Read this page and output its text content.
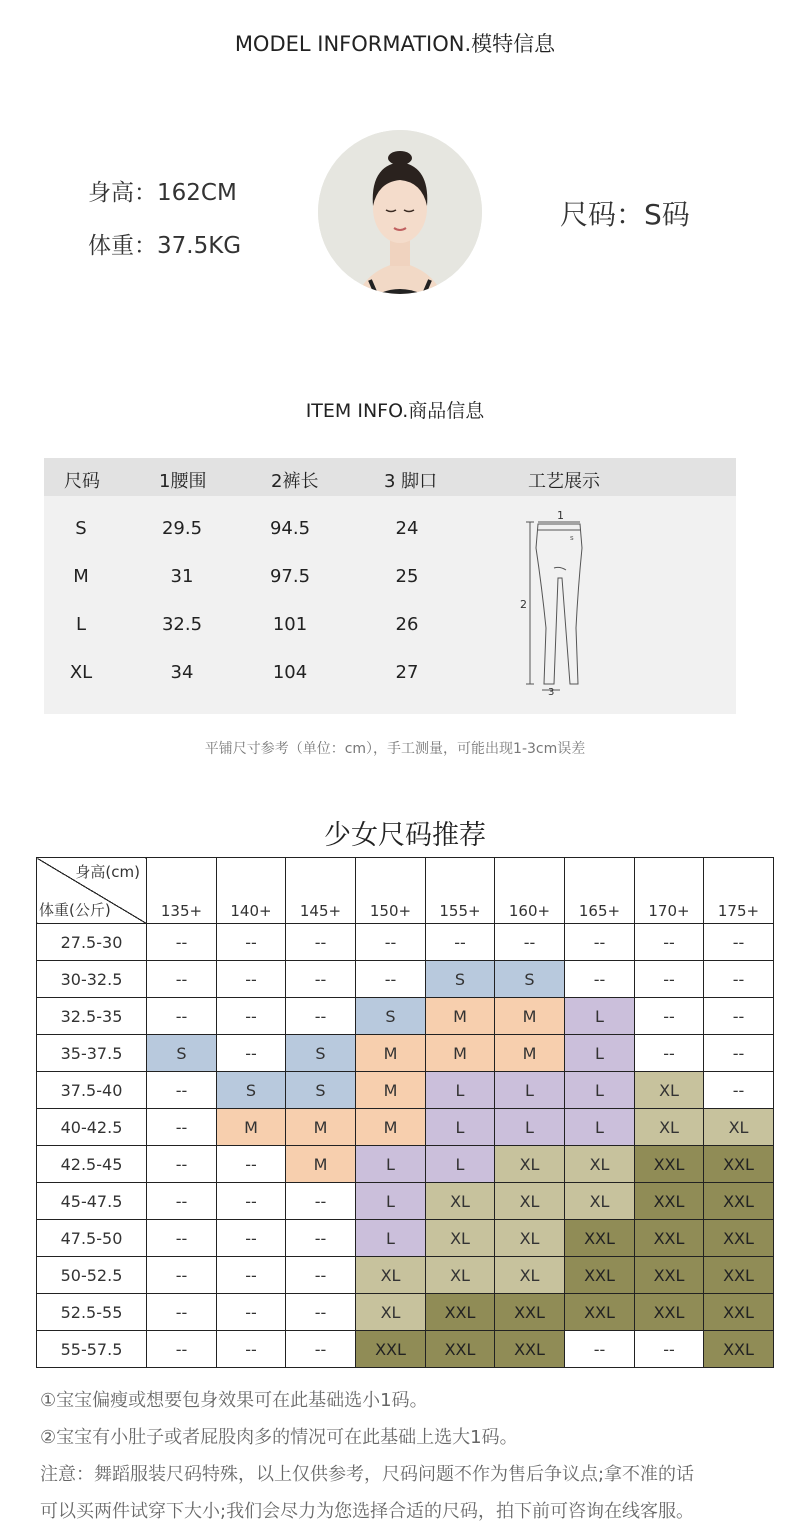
MODEL INFORMATION.模特信息
身高：162CM
体重：37.5KG
尺码：S码
ITEM INFO.商品信息
尺码	1腰围	2裤长	3 脚口	工艺展示
S	29.5	94.5	24
M	31	97.5	25
L	32.5	101	26
XL	34	104	27
1
2
3
s
平铺尺寸参考（单位：cm），手工测量，可能出现1-3cm误差
少女尺码推荐
身高(cm)
体重(公斤)	135+	140+	145+	150+	155+	160+	165+	170+	175+
27.5-30	--	--	--	--	--	--	--	--	--
30-32.5	--	--	--	--	S	S	--	--	--
32.5-35	--	--	--	S	M	M	L	--	--
35-37.5	S	--	S	M	M	M	L	--	--
37.5-40	--	S	S	M	L	L	L	XL	--
40-42.5	--	M	M	M	L	L	L	XL	XL
42.5-45	--	--	M	L	L	XL	XL	XXL	XXL
45-47.5	--	--	--	L	XL	XL	XL	XXL	XXL
47.5-50	--	--	--	L	XL	XL	XXL	XXL	XXL
50-52.5	--	--	--	XL	XL	XL	XXL	XXL	XXL
52.5-55	--	--	--	XL	XXL	XXL	XXL	XXL	XXL
55-57.5	--	--	--	XXL	XXL	XXL	--	--	XXL
①宝宝偏瘦或想要包身效果可在此基础选小1码。
②宝宝有小肚子或者屁股肉多的情况可在此基础上选大1码。
注意：舞蹈服装尺码特殊，以上仅供参考，尺码问题不作为售后争议点;拿不准的话
可以买两件试穿下大小;我们会尽力为您选择合适的尺码，拍下前可咨询在线客服。
